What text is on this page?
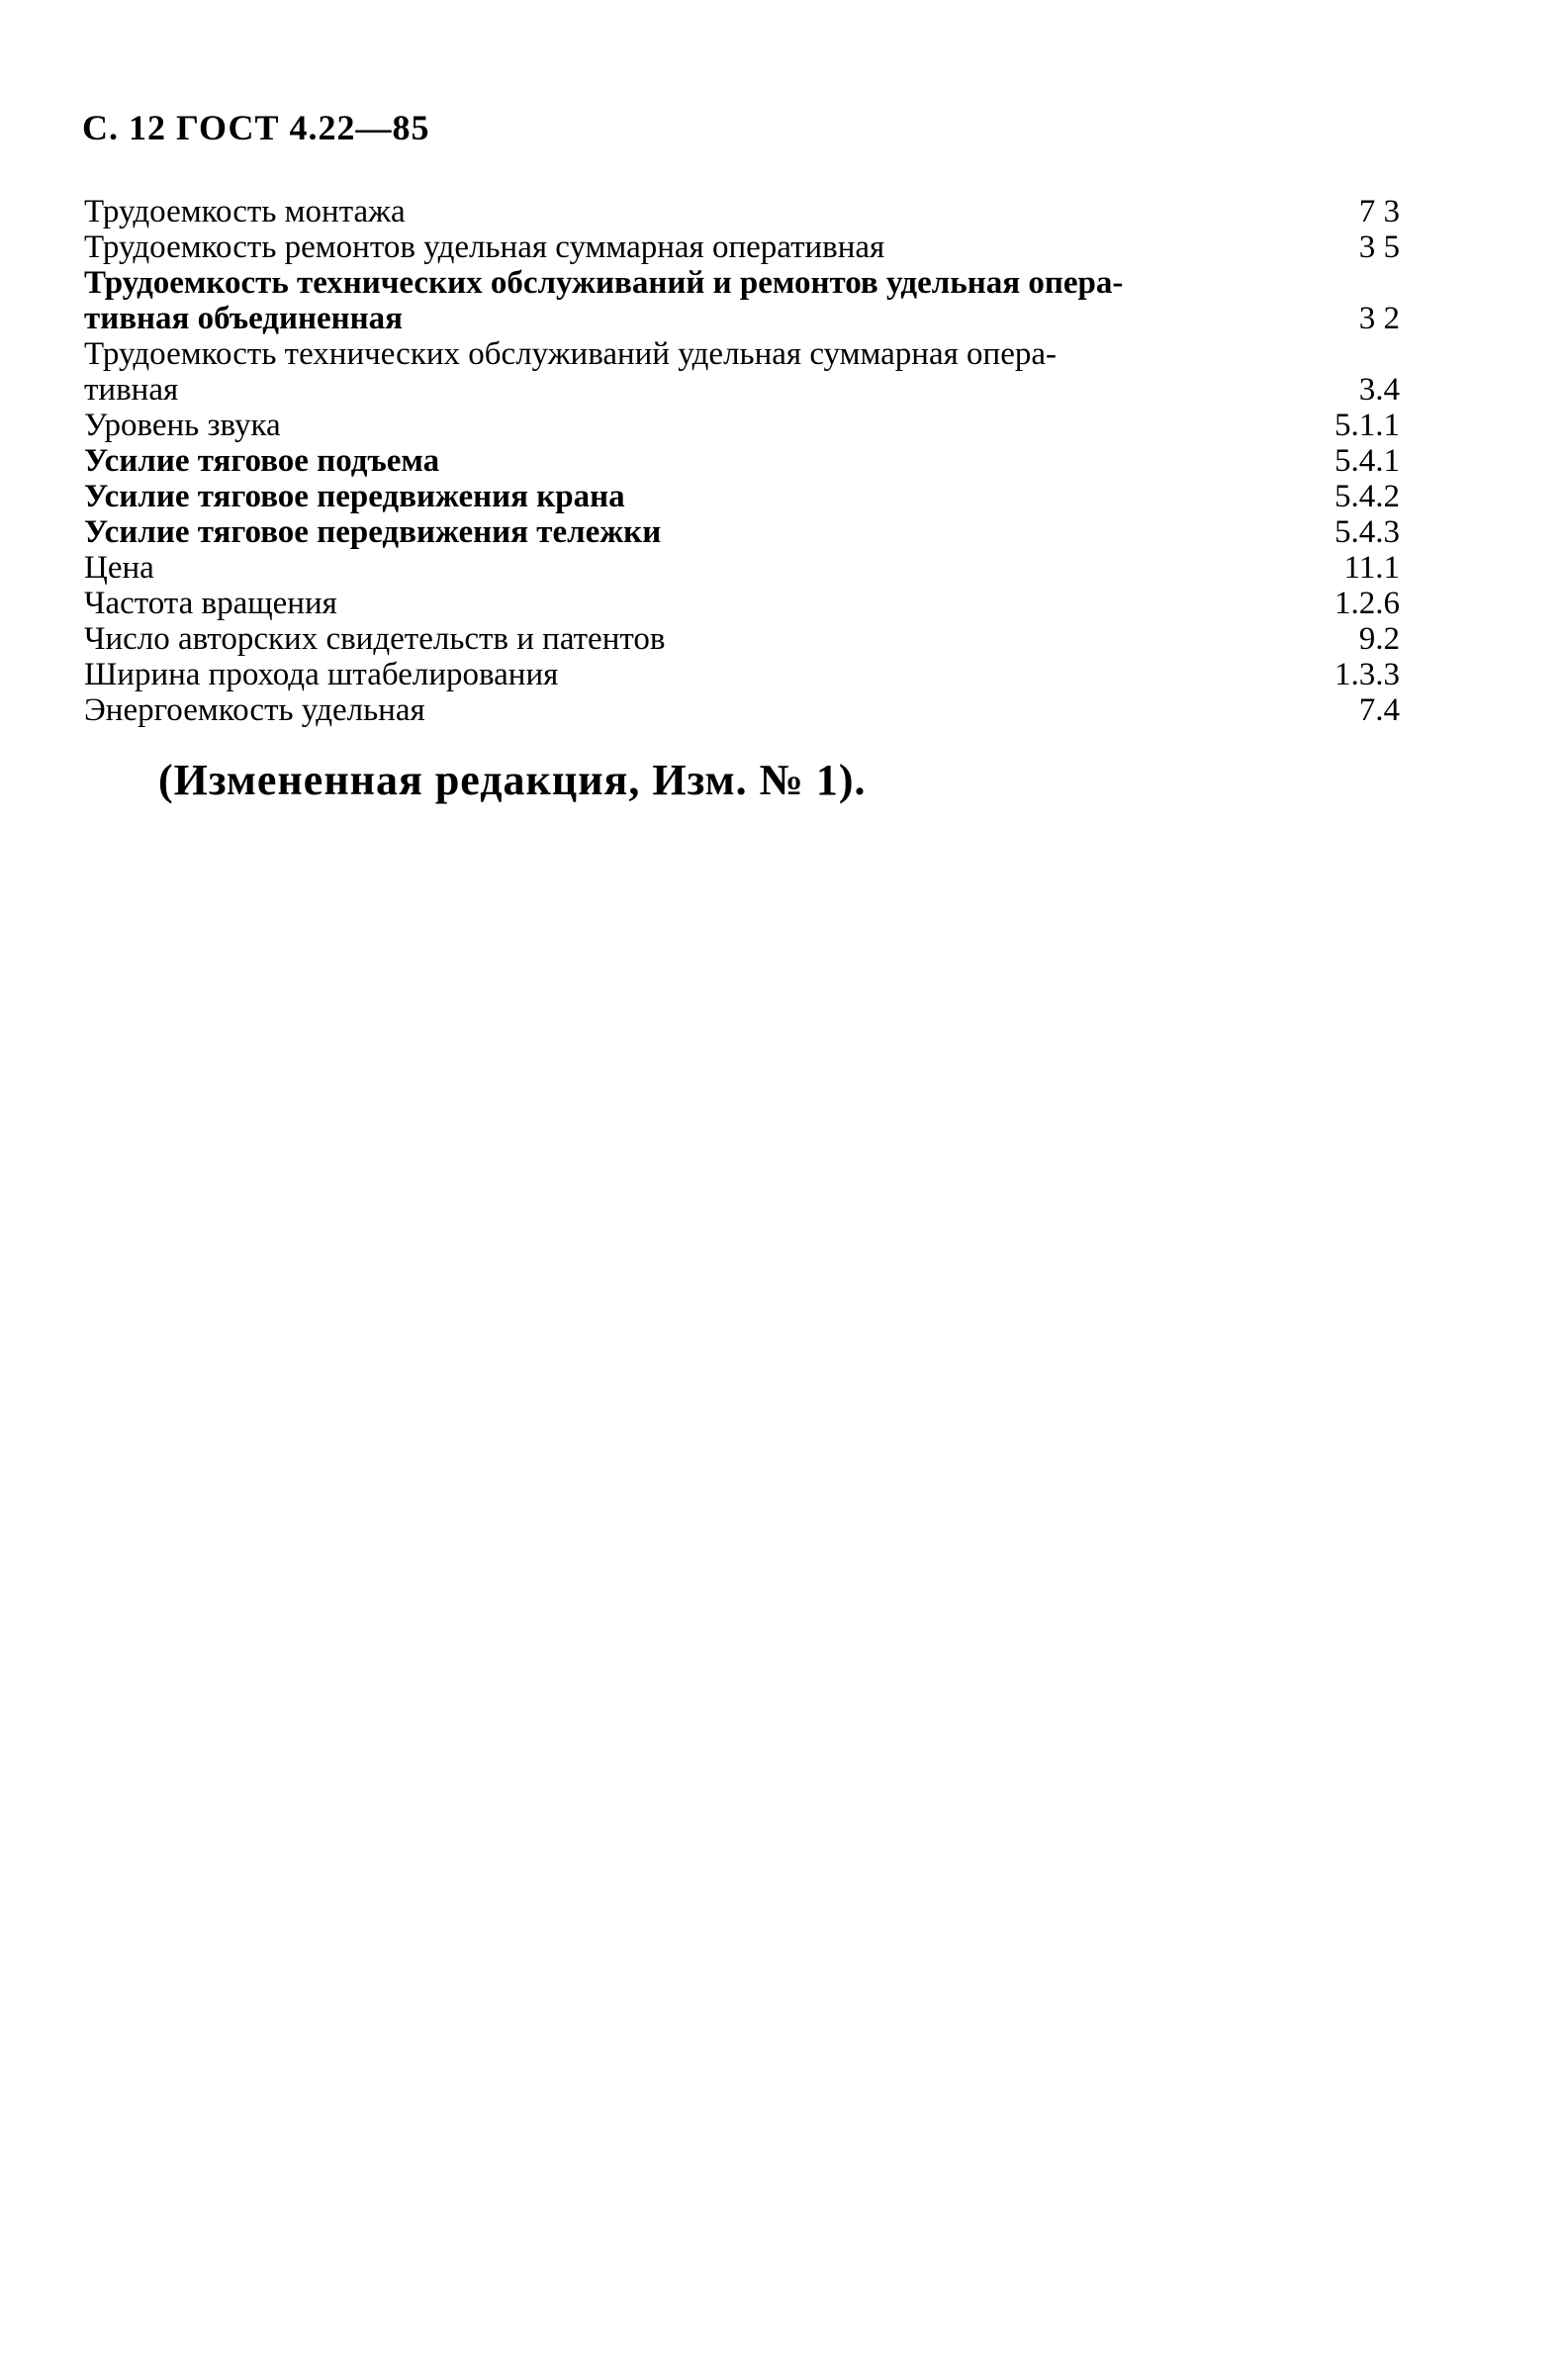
С. 12 ГОСТ 4.22—85
Трудоемкость монтажа	7 3
Трудоемкость ремонтов удельная суммарная оперативная	3 5
Трудоемкость технических обслуживаний и ремонтов удельная опера-
тивная объединенная	3 2
Трудоемкость технических обслуживаний удельная суммарная опера-
тивная	3.4
Уровень звука	5.1.1
Усилие тяговое подъема	5.4.1
Усилие тяговое передвижения крана	5.4.2
Усилие тяговое передвижения тележки	5.4.3
Цена	11.1
Частота вращения	1.2.6
Число авторских свидетельств и патентов	9.2
Ширина прохода штабелирования	1.3.3
Энергоемкость удельная	7.4
(Измененная редакция, Изм. № 1).
